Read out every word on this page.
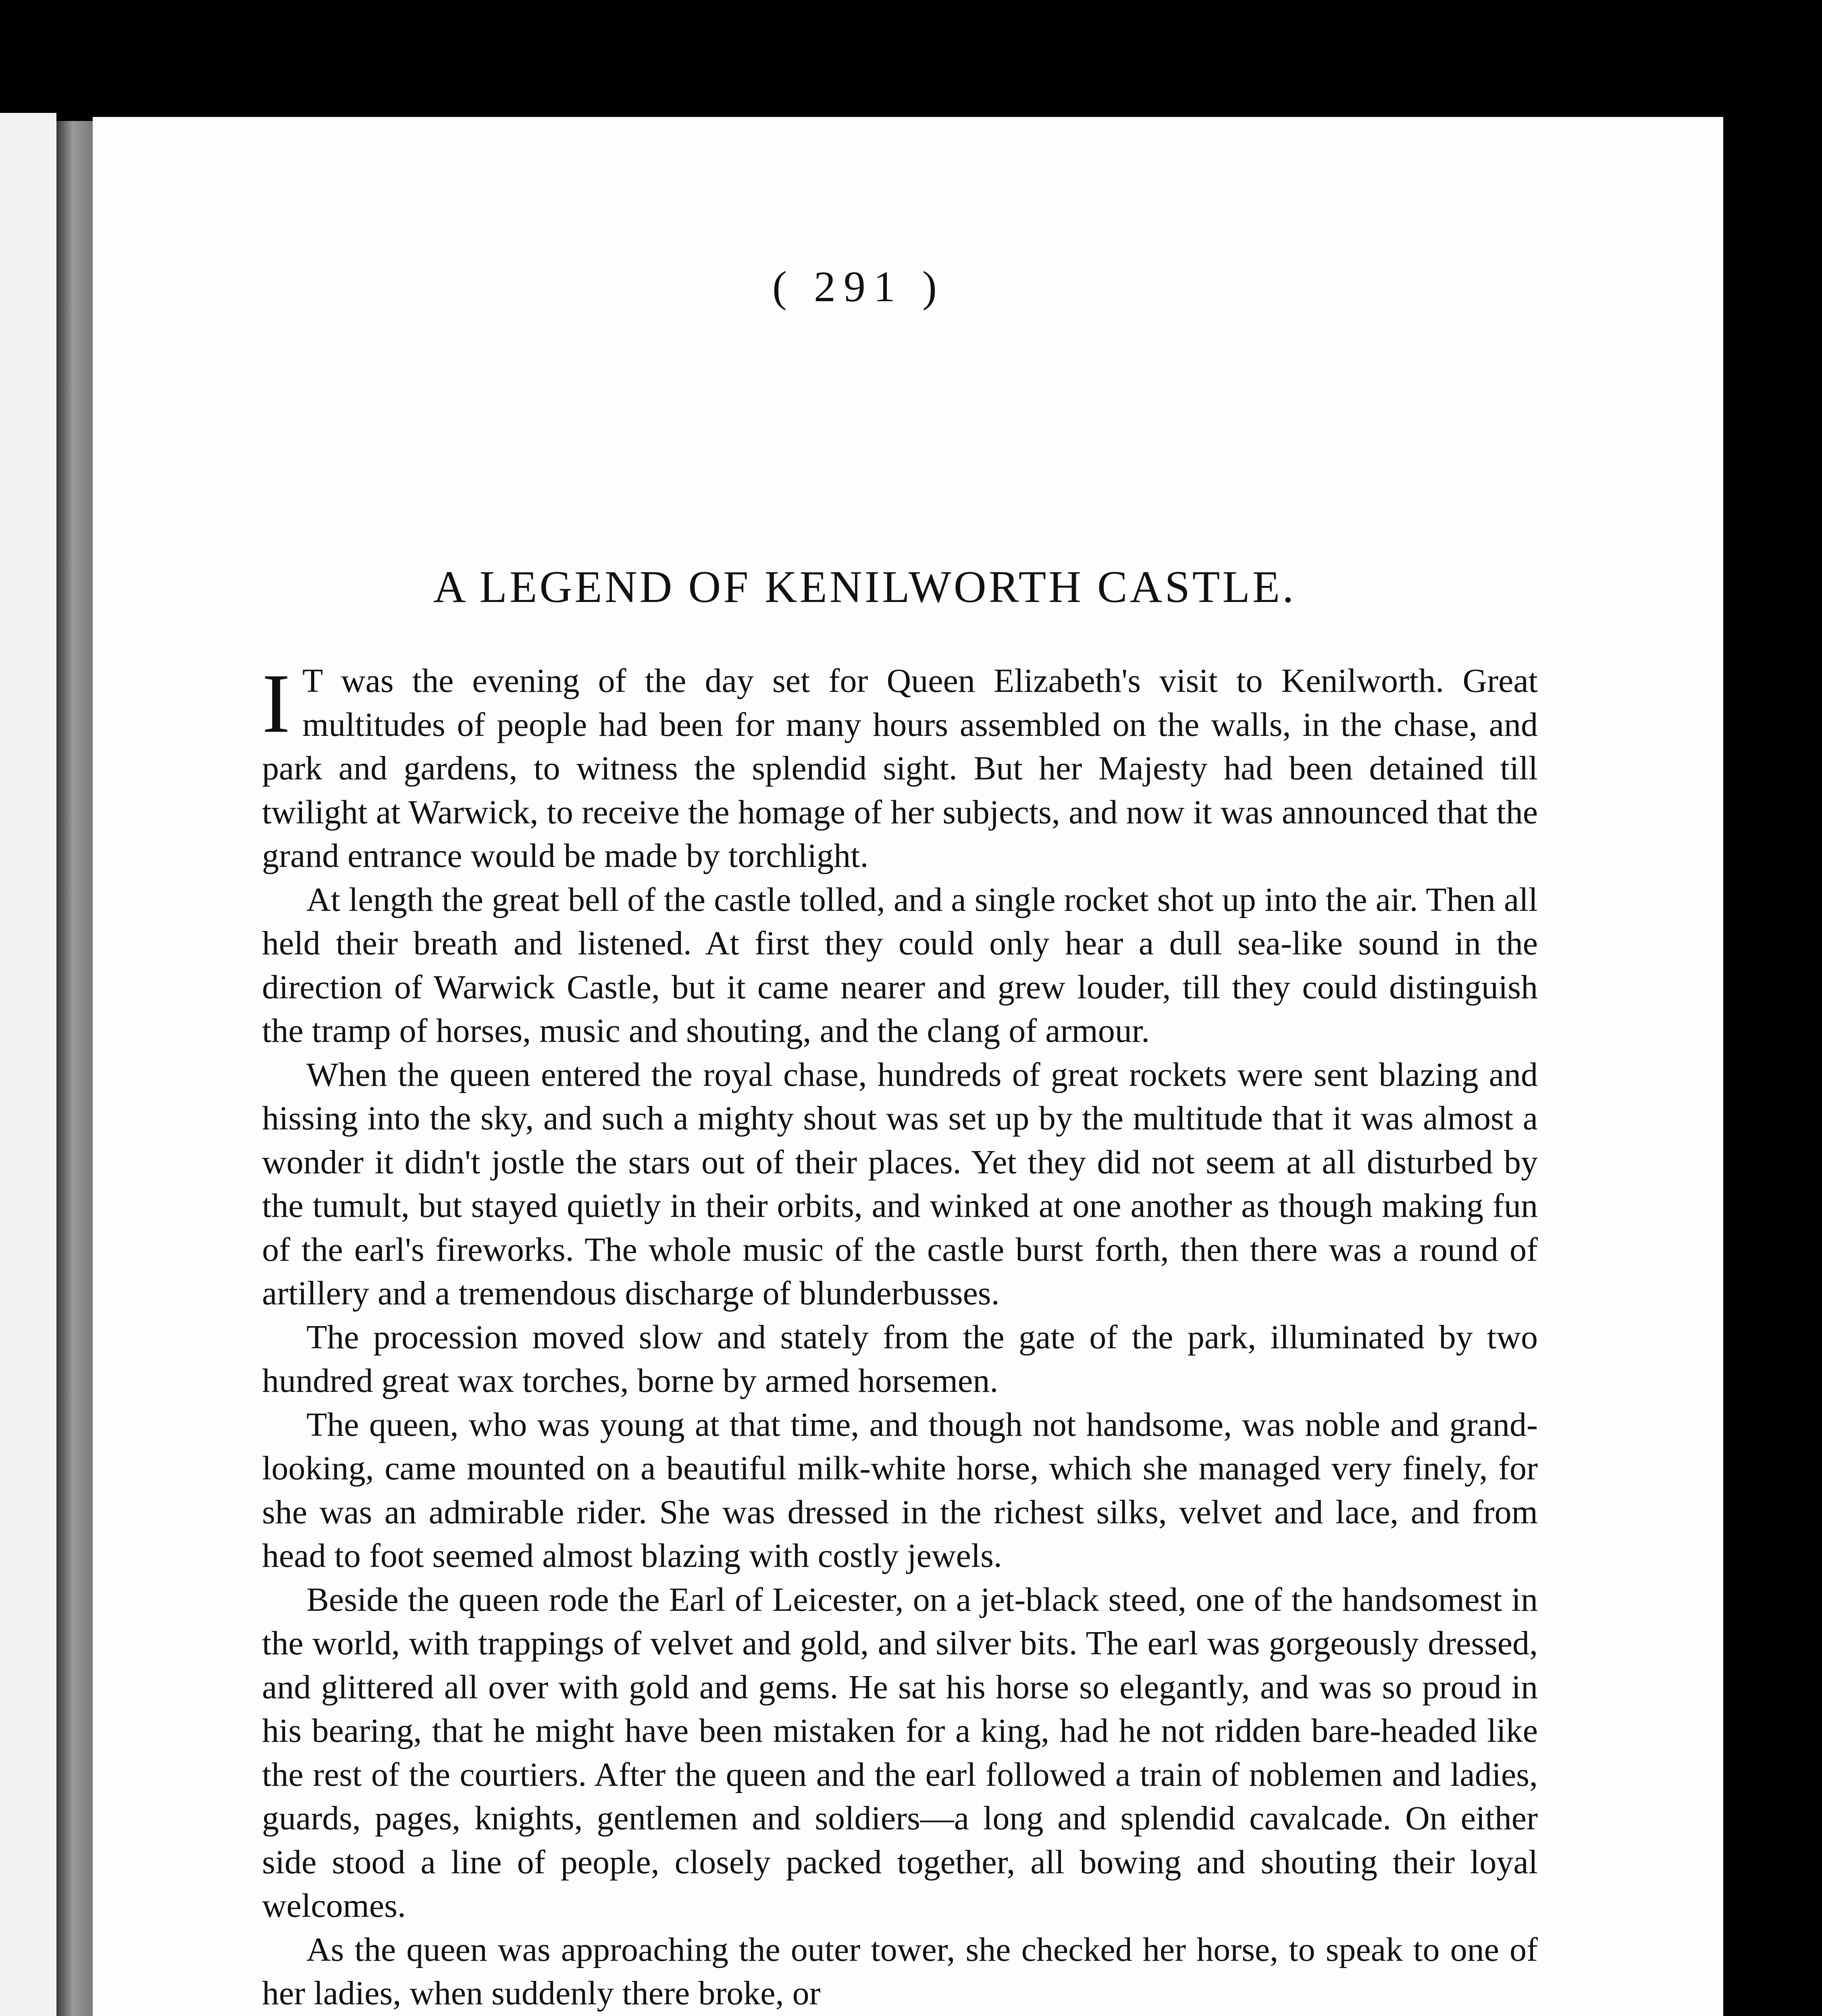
( 291 )
A LEGEND OF KENILWORTH CASTLE.

I T was the evening of the day set for Queen Elizabeth's visit to Kenilworth. Great multitudes of people had been for many hours assembled on the walls, in the chase, and park and gardens, to witness the splendid sight. But her Majesty had been detained till twilight at Warwick, to receive the homage of her subjects, and now it was announced that the grand entrance would be made by torchlight.

At length the great bell of the castle tolled, and a single rocket shot up into the air. Then all held their breath and listened. At first they could only hear a dull sea-like sound in the direction of Warwick Castle, but it came nearer and grew louder, till they could distinguish the tramp of horses, music and shouting, and the clang of armour.

When the queen entered the royal chase, hundreds of great rockets were sent blazing and hissing into the sky, and such a mighty shout was set up by the multitude that it was almost a wonder it didn't jostle the stars out of their places. Yet they did not seem at all disturbed by the tumult, but stayed quietly in their orbits, and winked at one another as though making fun of the earl's fireworks. The whole music of the castle burst forth, then there was a round of artillery and a tremendous discharge of blunderbusses.

The procession moved slow and stately from the gate of the park, illuminated by two hundred great wax torches, borne by armed horsemen.

The queen, who was young at that time, and though not handsome, was noble and grand-looking, came mounted on a beautiful milk-white horse, which she managed very finely, for she was an admirable rider. She was dressed in the richest silks, velvet and lace, and from head to foot seemed almost blazing with costly jewels.

Beside the queen rode the Earl of Leicester, on a jet-black steed, one of the handsomest in the world, with trappings of velvet and gold, and silver bits. The earl was gorgeously dressed, and glittered all over with gold and gems. He sat his horse so elegantly, and was so proud in his bearing, that he might have been mistaken for a king, had he not ridden bare-headed like the rest of the courtiers. After the queen and the earl followed a train of noblemen and ladies, guards, pages, knights, gentlemen and soldiers—a long and splendid cavalcade. On either side stood a line of people, closely packed together, all bowing and shouting their loyal welcomes.

As the queen was approaching the outer tower, she checked her horse, to speak to one of her ladies, when suddenly there broke, or
